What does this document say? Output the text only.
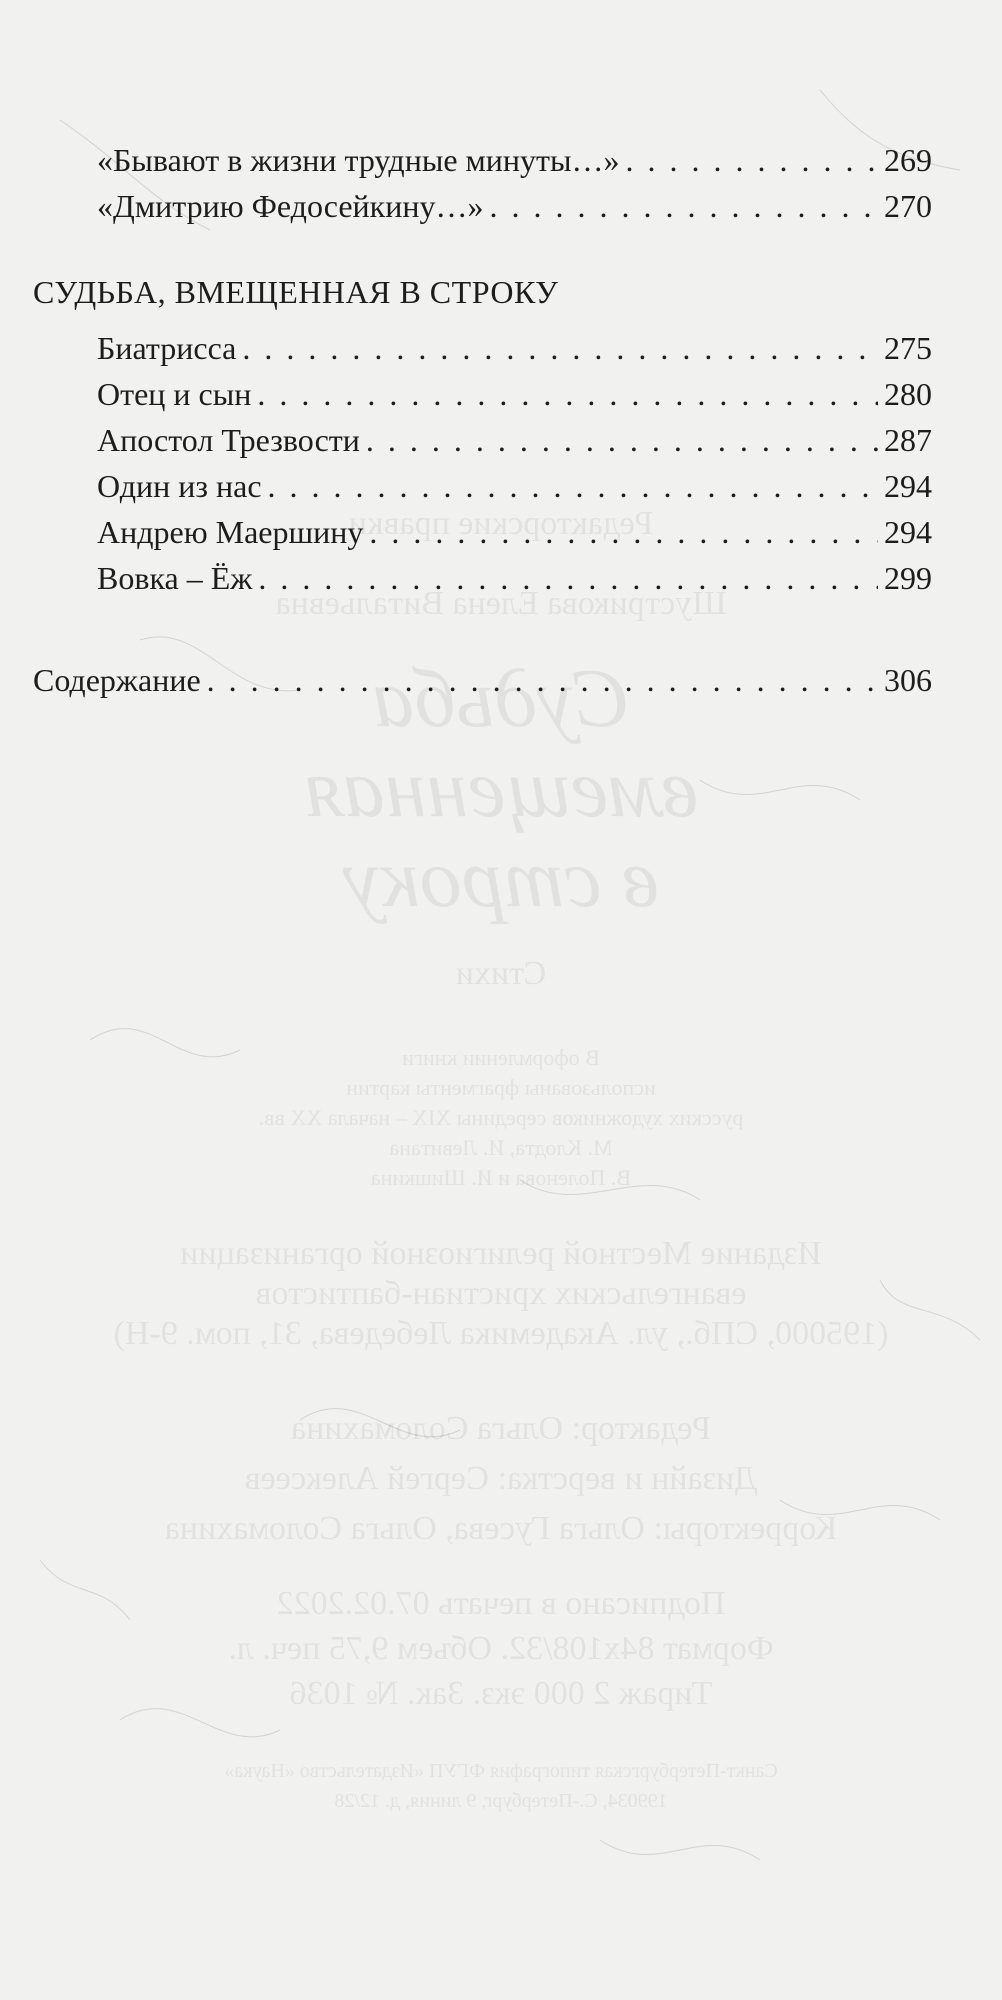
Редакторские правки
Шустрикова Елена Витальевна
Судьба
вмещенная
в строку
Стихи
В оформлении книги
использованы фрагменты картин
русских художников середины XIX – начала XX вв.
М. Клодта, И. Левитана
В. Поленова и И. Шишкина
Издание Местной религиозной организации
евангельских христиан-баптистов
(195000, СПб., ул. Академика Лебедева, 31, пом. 9-Н)
Редактор: Ольга Соломахина
Дизайн и верстка: Сергей Алексеев
Корректоры: Ольга Гусева, Ольга Соломахина
Подписано в печать 07.02.2022
Формат 84x108/32. Объем 9,75 печ. л.
Тираж 2 000 экз. Зак. № 1036
Санкт-Петербургская типография ФГУП «Издательство «Наука»
199034, С.-Петербург, 9 линия, д. 12/28
«Бывают в жизни трудные минуты…» . . .	269
«Дмитрию Федосейкину…» . . .	270
СУДЬБА, ВМЕЩЕННАЯ В СТРОКУ
Биатрисса . . .	275
Отец и сын . . .	280
Апостол Трезвости . . .	287
Один из нас . . .	294
Андрею Маершину . . .	294
Вовка – Ёж . . .	299
Содержание . . .	306
